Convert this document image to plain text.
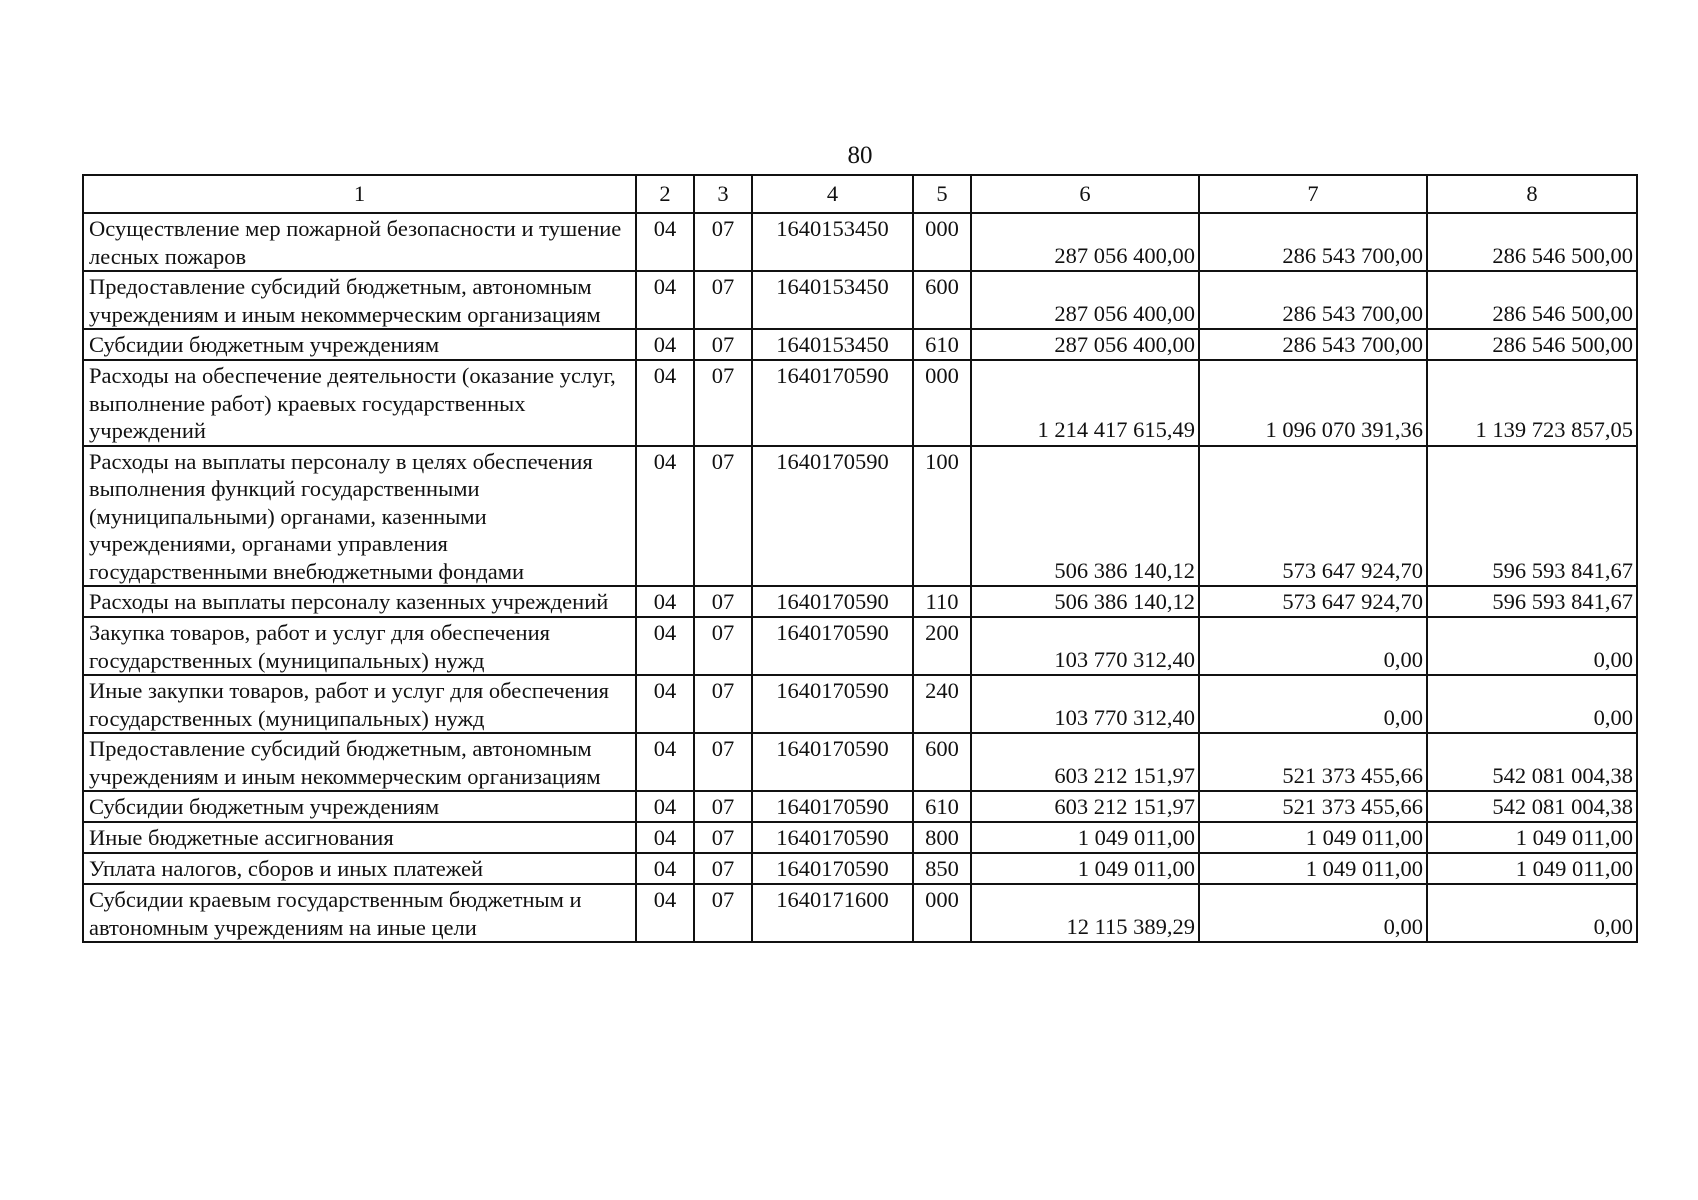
80
1	2	3	4	5	6	7	8
Осуществление мер пожарной безопасности и тушение лесных пожаров	04	07	1640153450	000	287 056 400,00	286 543 700,00	286 546 500,00
Предоставление субсидий бюджетным, автономным учреждениям и иным некоммерческим организациям	04	07	1640153450	600	287 056 400,00	286 543 700,00	286 546 500,00
Субсидии бюджетным учреждениям	04	07	1640153450	610	287 056 400,00	286 543 700,00	286 546 500,00
Расходы на обеспечение деятельности (оказание услуг, выполнение работ) краевых государственных учреждений	04	07	1640170590	000	1 214 417 615,49	1 096 070 391,36	1 139 723 857,05
Расходы на выплаты персоналу в целях обеспечения выполнения функций государственными (муниципальными) органами, казенными учреждениями, органами управления государственными внебюджетными фондами	04	07	1640170590	100	506 386 140,12	573 647 924,70	596 593 841,67
Расходы на выплаты персоналу казенных учреждений	04	07	1640170590	110	506 386 140,12	573 647 924,70	596 593 841,67
Закупка товаров, работ и услуг для обеспечения государственных (муниципальных) нужд	04	07	1640170590	200	103 770 312,40	0,00	0,00
Иные закупки товаров, работ и услуг для обеспечения государственных (муниципальных) нужд	04	07	1640170590	240	103 770 312,40	0,00	0,00
Предоставление субсидий бюджетным, автономным учреждениям и иным некоммерческим организациям	04	07	1640170590	600	603 212 151,97	521 373 455,66	542 081 004,38
Субсидии бюджетным учреждениям	04	07	1640170590	610	603 212 151,97	521 373 455,66	542 081 004,38
Иные бюджетные ассигнования	04	07	1640170590	800	1 049 011,00	1 049 011,00	1 049 011,00
Уплата налогов, сборов и иных платежей	04	07	1640170590	850	1 049 011,00	1 049 011,00	1 049 011,00
Субсидии краевым государственным бюджетным и автономным учреждениям на иные цели	04	07	1640171600	000	12 115 389,29	0,00	0,00
